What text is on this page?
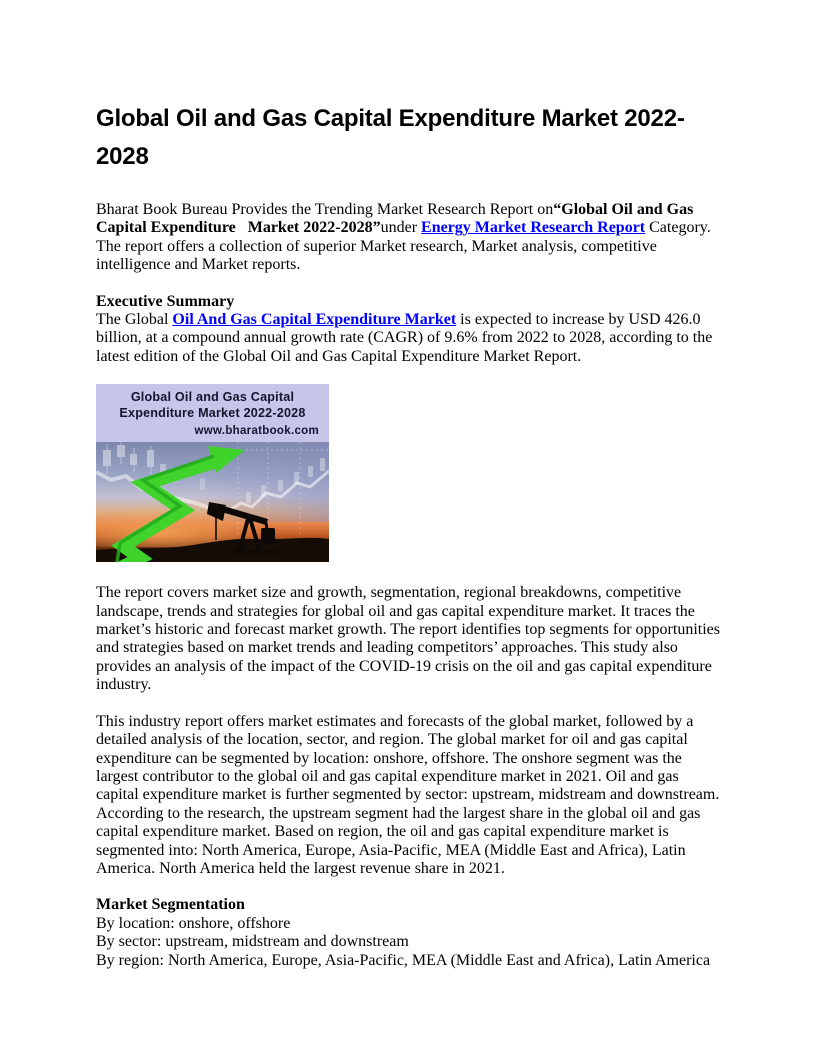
Global Oil and Gas Capital Expenditure Market 2022-2028

Bharat Book Bureau Provides the Trending Market Research Report on“Global Oil and Gas Capital Expenditure   Market 2022-2028”under Energy Market Research Report Category. The report offers a collection of superior Market research, Market analysis, competitive intelligence and Market reports.

Executive Summary

The Global Oil And Gas Capital Expenditure Market is expected to increase by USD 426.0 billion, at a compound annual growth rate (CAGR) of 9.6% from 2022 to 2028, according to the latest edition of the Global Oil and Gas Capital Expenditure Market Report.

Global Oil and Gas Capital Expenditure Market 2022-2028
www.bharatbook.com

The report covers market size and growth, segmentation, regional breakdowns, competitive landscape, trends and strategies for global oil and gas capital expenditure market. It traces the market’s historic and forecast market growth. The report identifies top segments for opportunities and strategies based on market trends and leading competitors’ approaches. This study also provides an analysis of the impact of the COVID-19 crisis on the oil and gas capital expenditure industry.

This industry report offers market estimates and forecasts of the global market, followed by a detailed analysis of the location, sector, and region. The global market for oil and gas capital expenditure can be segmented by location: onshore, offshore. The onshore segment was the largest contributor to the global oil and gas capital expenditure market in 2021. Oil and gas capital expenditure market is further segmented by sector: upstream, midstream and downstream. According to the research, the upstream segment had the largest share in the global oil and gas capital expenditure market. Based on region, the oil and gas capital expenditure market is segmented into: North America, Europe, Asia-Pacific, MEA (Middle East and Africa), Latin America. North America held the largest revenue share in 2021.

Market Segmentation
By location: onshore, offshore
By sector: upstream, midstream and downstream
By region: North America, Europe, Asia-Pacific, MEA (Middle East and Africa), Latin America
